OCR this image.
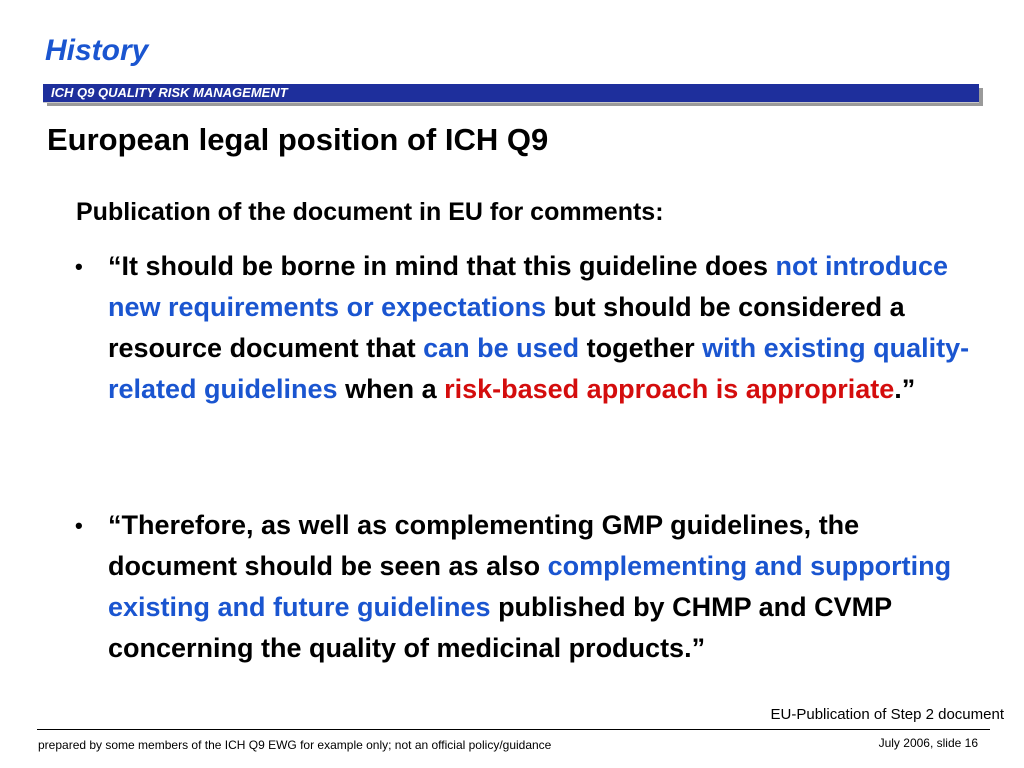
History
ICH Q9 QUALITY RISK MANAGEMENT
European legal position of ICH Q9
Publication of the document in EU for comments:
• “It should be borne in mind that this guideline does not introduce new requirements or expectations but should be considered a resource document that can be used together with existing quality-related guidelines when a risk-based approach is appropriate.”
• “Therefore, as well as complementing GMP guidelines, the document should be seen as also complementing and supporting existing and future guidelines published by CHMP and CVMP concerning the quality of medicinal products.”
EU-Publication of Step 2 document
prepared by some members of the ICH Q9 EWG for example only; not an official policy/guidance	July 2006, slide 16
